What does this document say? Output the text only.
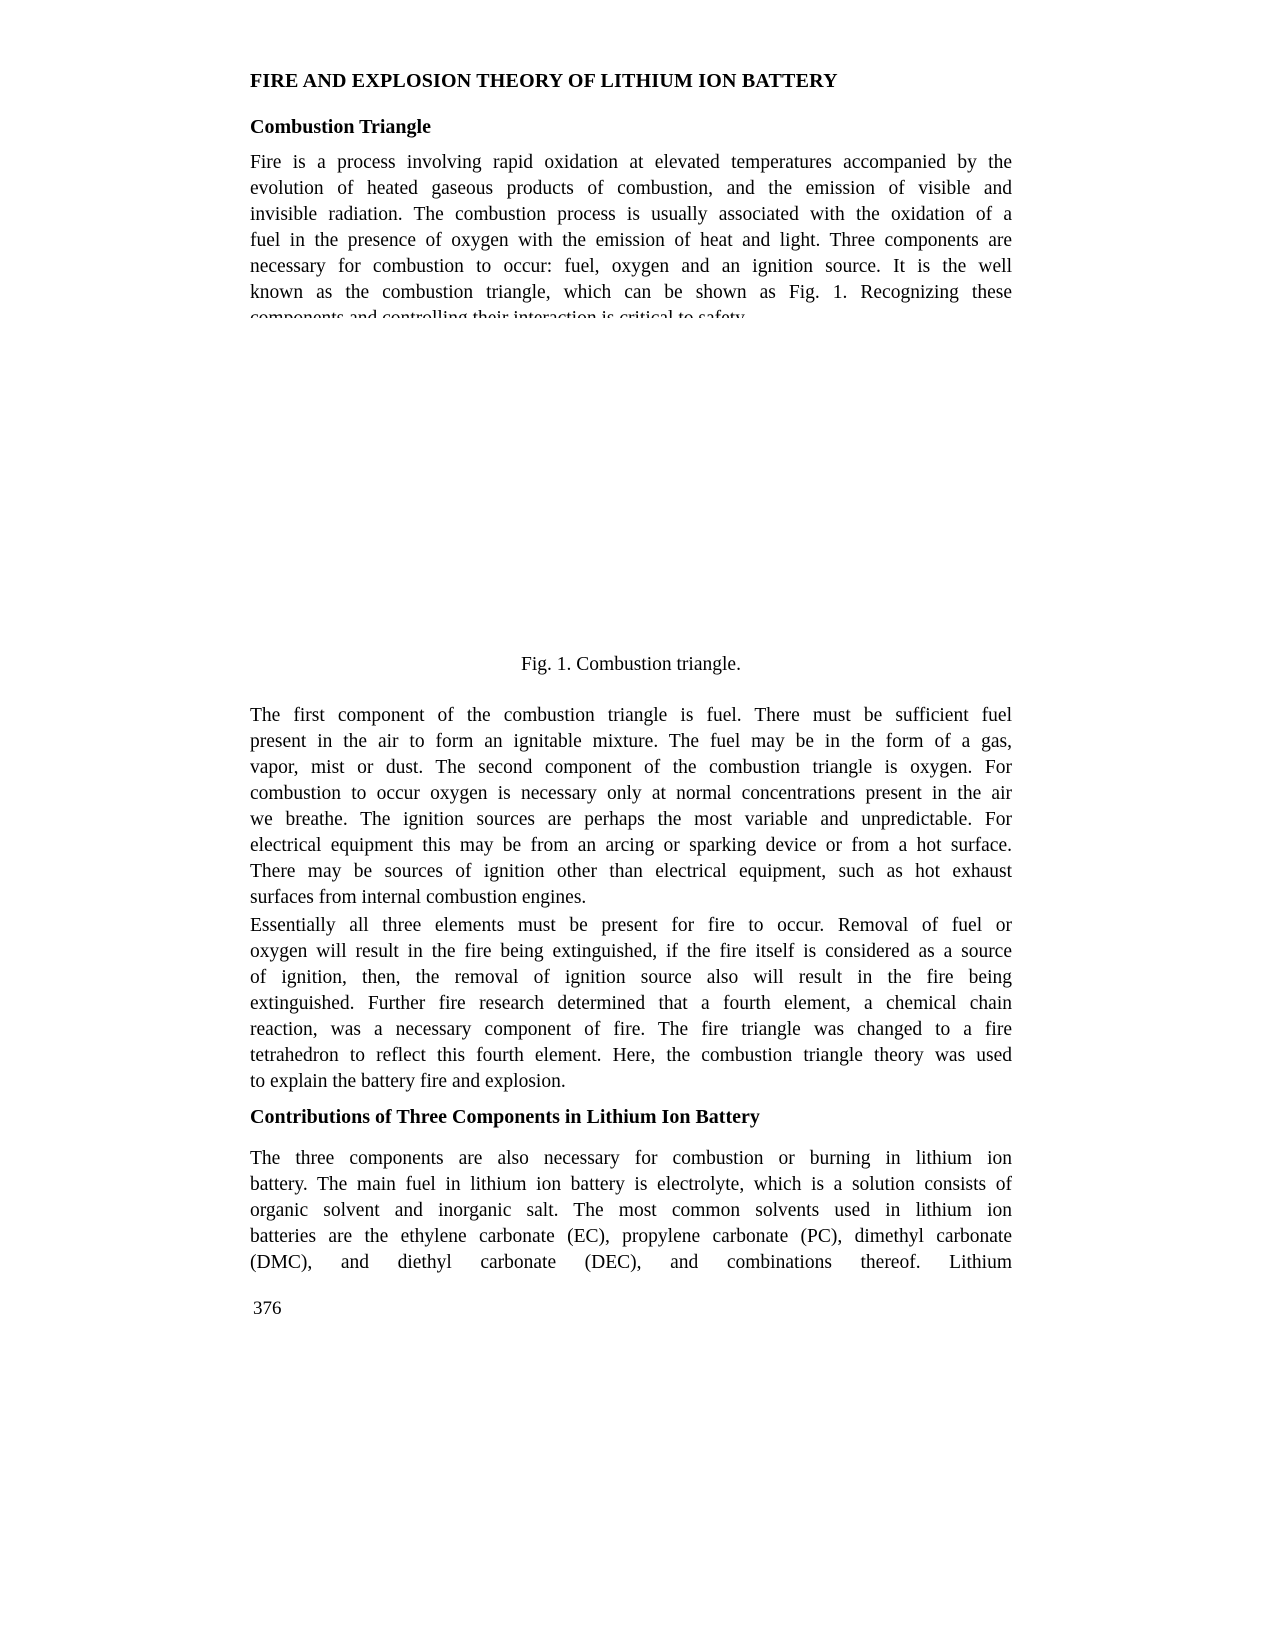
FIRE AND EXPLOSION THEORY OF LITHIUM ION BATTERY
Combustion Triangle
Fire is a process involving rapid oxidation at elevated temperatures accompanied by the
evolution of heated gaseous products of combustion, and the emission of visible and
invisible radiation. The combustion process is usually associated with the oxidation of a
fuel in the presence of oxygen with the emission of heat and light. Three components are
necessary for combustion to occur: fuel, oxygen and an ignition source. It is the well
known as the combustion triangle, which can be shown as Fig. 1. Recognizing these
Fig. 1. Combustion triangle.
The first component of the combustion triangle is fuel. There must be sufficient fuel
present in the air to form an ignitable mixture. The fuel may be in the form of a gas,
vapor, mist or dust. The second component of the combustion triangle is oxygen. For
combustion to occur oxygen is necessary only at normal concentrations present in the air
we breathe. The ignition sources are perhaps the most variable and unpredictable. For
electrical equipment this may be from an arcing or sparking device or from a hot surface.
There may be sources of ignition other than electrical equipment, such as hot exhaust
surfaces from internal combustion engines.
Essentially all three elements must be present for fire to occur. Removal of fuel or
oxygen will result in the fire being extinguished, if the fire itself is considered as a source
of ignition, then, the removal of ignition source also will result in the fire being
extinguished. Further fire research determined that a fourth element, a chemical chain
reaction, was a necessary component of fire. The fire triangle was changed to a fire
tetrahedron to reflect this fourth element. Here, the combustion triangle theory was used
to explain the battery fire and explosion.
Contributions of Three Components in Lithium Ion Battery
The three components are also necessary for combustion or burning in lithium ion
battery. The main fuel in lithium ion battery is electrolyte, which is a solution consists of
organic solvent and inorganic salt. The most common solvents used in lithium ion
batteries are the ethylene carbonate (EC), propylene carbonate (PC), dimethyl carbonate
(DMC), and diethyl carbonate (DEC), and combinations thereof. Lithium
376
